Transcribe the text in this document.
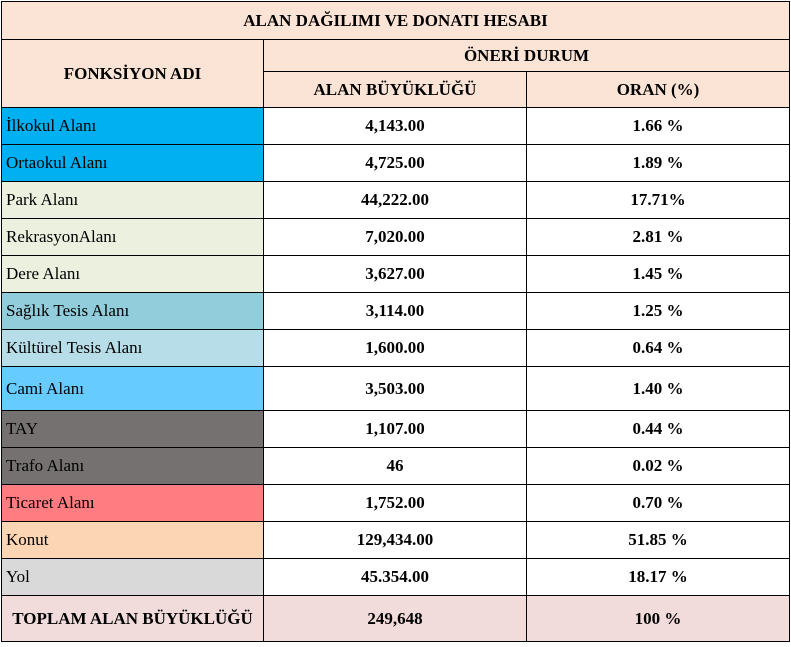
ALAN DAĞILIMI VE DONATI HESABI		
FONKSİYON ADI	ÖNERİ DURUM	
	ALAN BÜYÜKLÜĞÜ	ORAN (%)
İlkokul Alanı	4,143.00	1.66 %
Ortaokul Alanı	4,725.00	1.89 %
Park Alanı	44,222.00	17.71%
RekrasyonAlanı	7,020.00	2.81 %
Dere Alanı	3,627.00	1.45 %
Sağlık Tesis Alanı	3,114.00	1.25 %
Kültürel Tesis Alanı	1,600.00	0.64 %
Cami Alanı	3,503.00	1.40 %
TAY	1,107.00	0.44 %
Trafo Alanı	46	0.02 %
Ticaret Alanı	1,752.00	0.70 %
Konut	129,434.00	51.85 %
Yol	45.354.00	18.17 %
TOPLAM ALAN BÜYÜKLÜĞÜ	249,648	100 %
